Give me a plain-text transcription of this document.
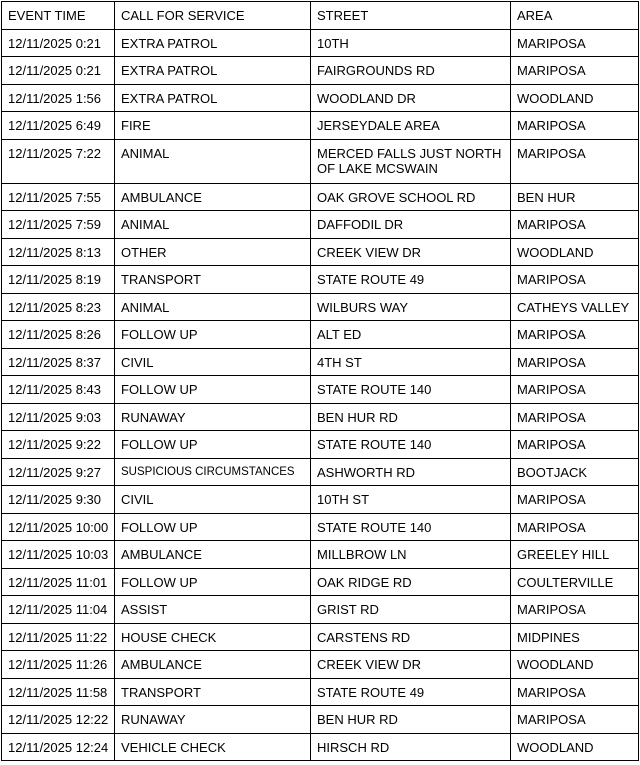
EVENT TIME	CALL FOR SERVICE	STREET	AREA
12/11/2025 0:21	EXTRA PATROL	10TH	MARIPOSA
12/11/2025 0:21	EXTRA PATROL	FAIRGROUNDS RD	MARIPOSA
12/11/2025 1:56	EXTRA PATROL	WOODLAND DR	WOODLAND
12/11/2025 6:49	FIRE	JERSEYDALE AREA	MARIPOSA
12/11/2025 7:22	ANIMAL	MERCED FALLS JUST NORTH OF LAKE MCSWAIN	MARIPOSA
12/11/2025 7:55	AMBULANCE	OAK GROVE SCHOOL RD	BEN HUR
12/11/2025 7:59	ANIMAL	DAFFODIL DR	MARIPOSA
12/11/2025 8:13	OTHER	CREEK VIEW DR	WOODLAND
12/11/2025 8:19	TRANSPORT	STATE ROUTE 49	MARIPOSA
12/11/2025 8:23	ANIMAL	WILBURS WAY	CATHEYS VALLEY
12/11/2025 8:26	FOLLOW UP	ALT ED	MARIPOSA
12/11/2025 8:37	CIVIL	4TH ST	MARIPOSA
12/11/2025 8:43	FOLLOW UP	STATE ROUTE 140	MARIPOSA
12/11/2025 9:03	RUNAWAY	BEN HUR RD	MARIPOSA
12/11/2025 9:22	FOLLOW UP	STATE ROUTE 140	MARIPOSA
12/11/2025 9:27	SUSPICIOUS CIRCUMSTANCES	ASHWORTH RD	BOOTJACK
12/11/2025 9:30	CIVIL	10TH ST	MARIPOSA
12/11/2025 10:00	FOLLOW UP	STATE ROUTE 140	MARIPOSA
12/11/2025 10:03	AMBULANCE	MILLBROW LN	GREELEY HILL
12/11/2025 11:01	FOLLOW UP	OAK RIDGE RD	COULTERVILLE
12/11/2025 11:04	ASSIST	GRIST RD	MARIPOSA
12/11/2025 11:22	HOUSE CHECK	CARSTENS RD	MIDPINES
12/11/2025 11:26	AMBULANCE	CREEK VIEW DR	WOODLAND
12/11/2025 11:58	TRANSPORT	STATE ROUTE 49	MARIPOSA
12/11/2025 12:22	RUNAWAY	BEN HUR RD	MARIPOSA
12/11/2025 12:24	VEHICLE CHECK	HIRSCH RD	WOODLAND
